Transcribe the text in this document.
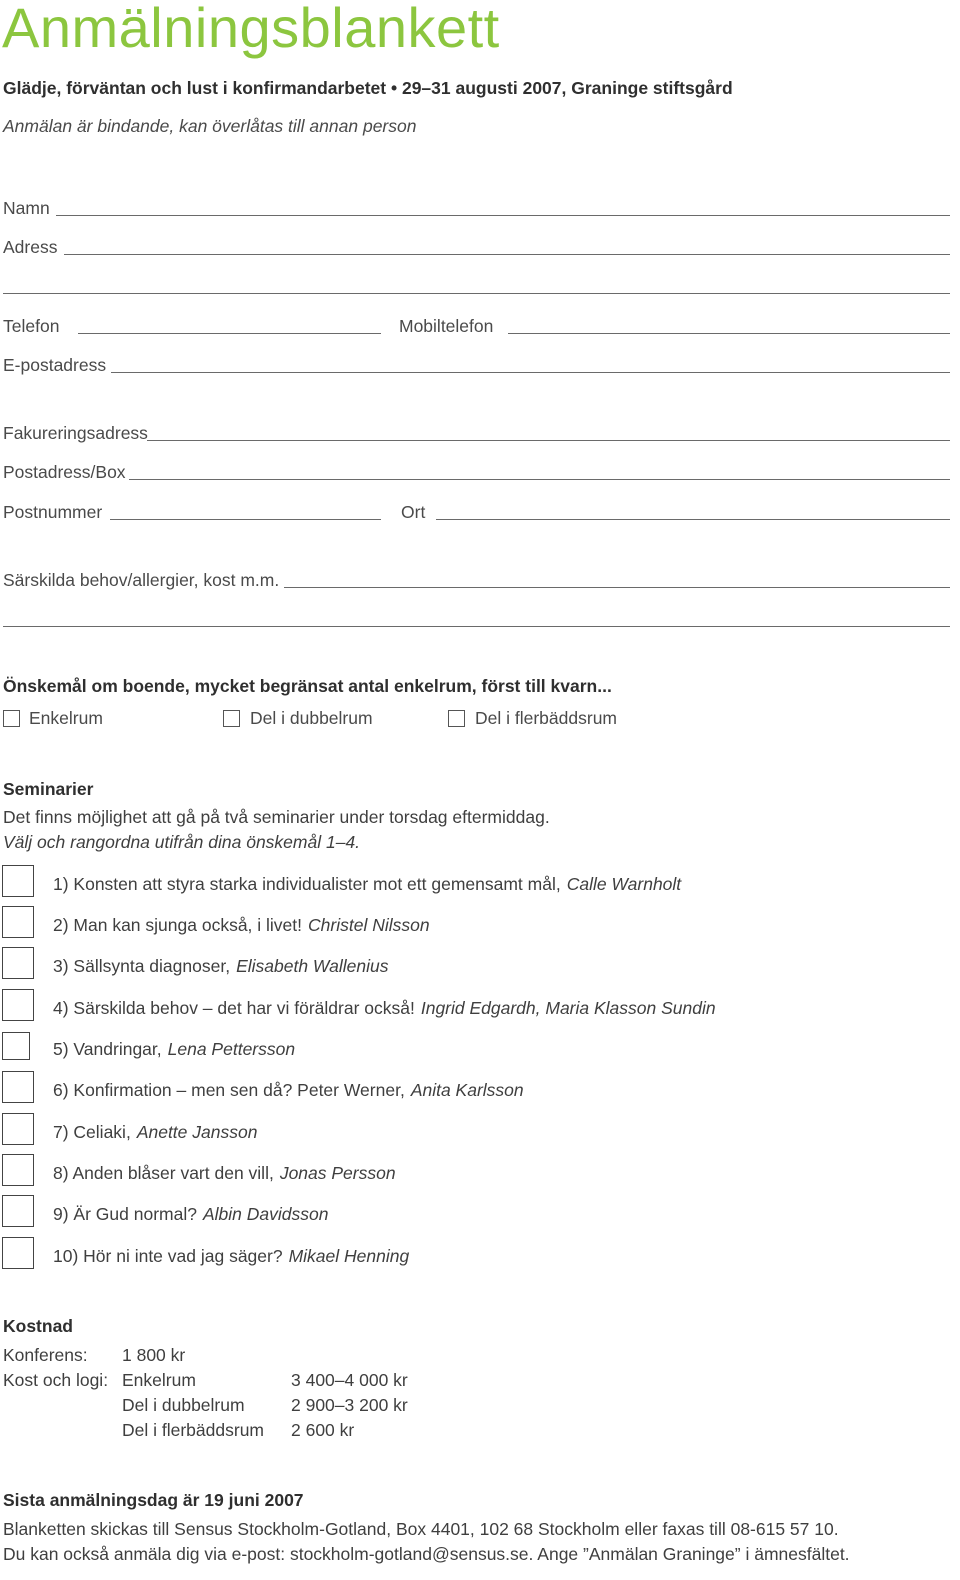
Anmälningsblankett
Glädje, förväntan och lust i konfirmandarbetet • 29–31 augusti 2007, Graninge stiftsgård
Anmälan är bindande, kan överlåtas till annan person
Namn
Adress
Telefon	Mobiltelefon
E-postadress
Fakureringsadress
Postadress/Box
Postnummer	Ort
Särskilda behov/allergier, kost m.m.
Önskemål om boende, mycket begränsat antal enkelrum, först till kvarn...
Enkelrum	Del i dubbelrum	Del i flerbäddsrum
Seminarier
Det finns möjlighet att gå på två seminarier under torsdag eftermiddag.
Välj och rangordna utifrån dina önskemål 1–4.
1) Konsten att styra starka individualister mot ett gemensamt mål, Calle Warnholt
2) Man kan sjunga också, i livet! Christel Nilsson
3) Sällsynta diagnoser, Elisabeth Wallenius
4) Särskilda behov – det har vi föräldrar också! Ingrid Edgardh, Maria Klasson Sundin
5) Vandringar, Lena Pettersson
6) Konfirmation – men sen då? Peter Werner, Anita Karlsson
7) Celiaki, Anette Jansson
8) Anden blåser vart den vill, Jonas Persson
9) Är Gud normal? Albin Davidsson
10) Hör ni inte vad jag säger? Mikael Henning
Kostnad
Konferens: 1 800 kr
Kost och logi: Enkelrum	3 400–4 000 kr
Del i dubbelrum	2 900–3 200 kr
Del i flerbäddsrum 2 600 kr
Sista anmälningsdag är 19 juni 2007
Blanketten skickas till Sensus Stockholm-Gotland, Box 4401, 102 68 Stockholm eller faxas till 08-615 57 10.
Du kan också anmäla dig via e-post: stockholm-gotland@sensus.se. Ange ”Anmälan Graninge” i ämnesfältet.
